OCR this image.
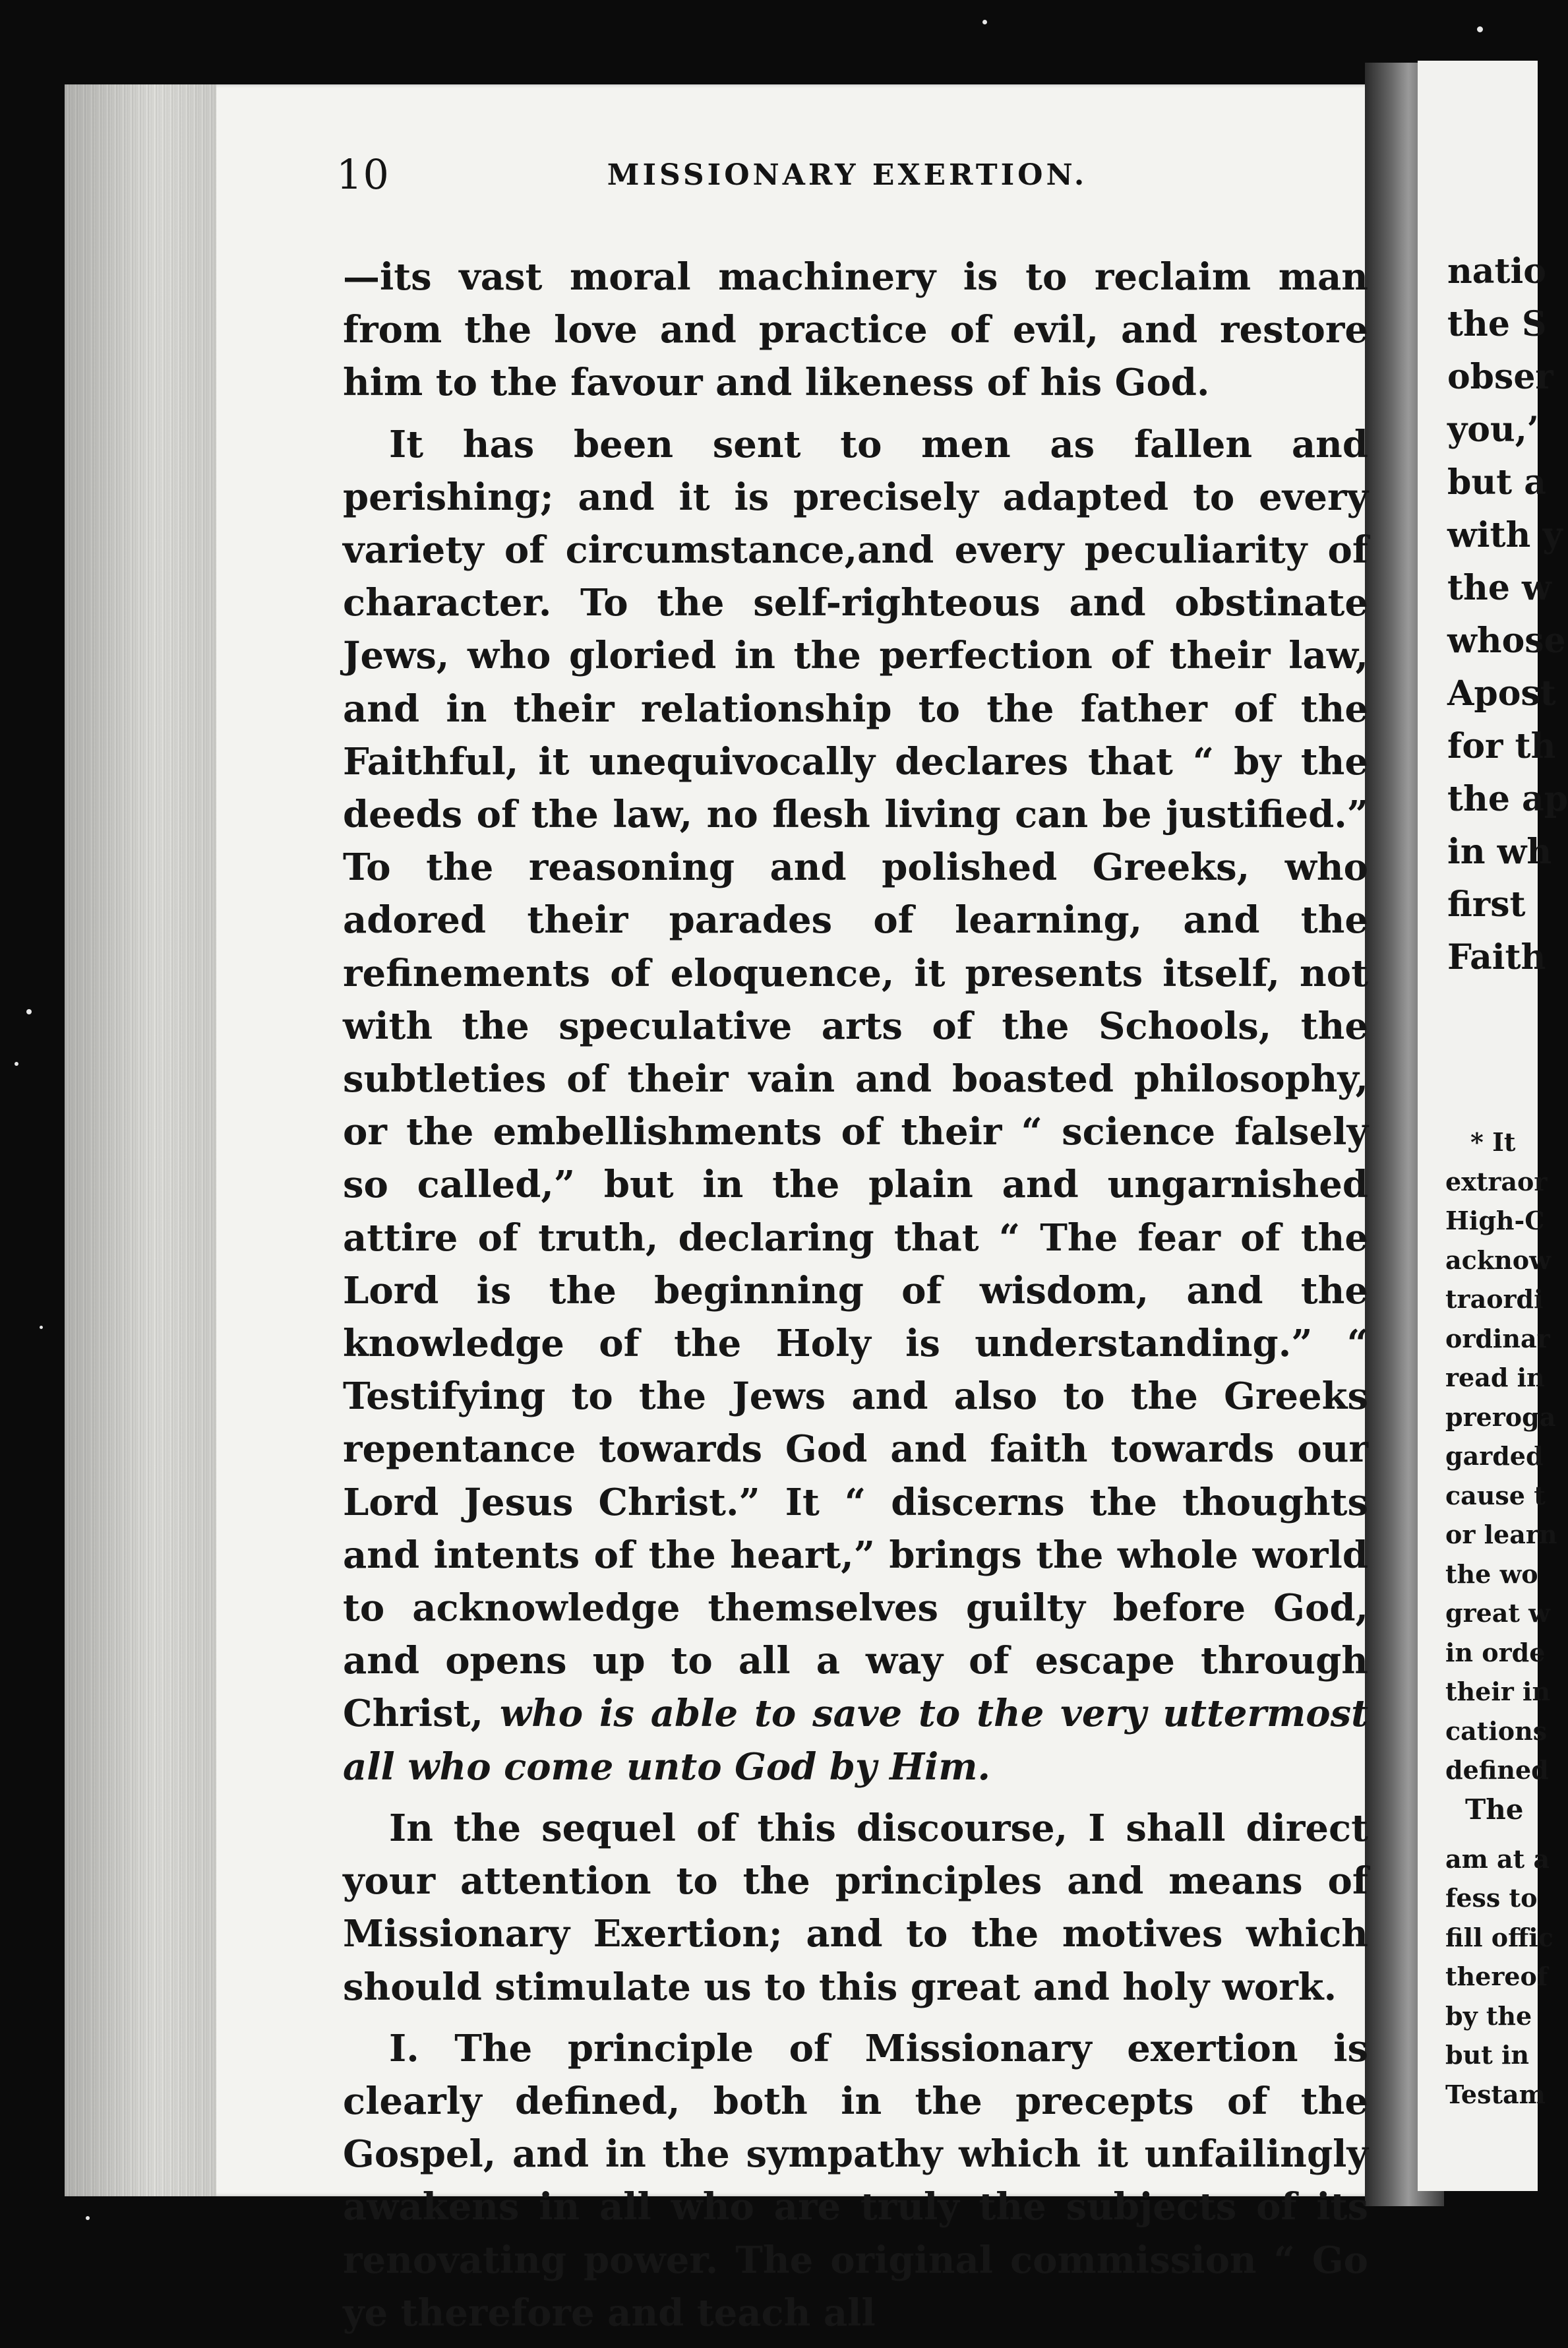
natio
the S
obser
you,’
but a
with y
the w
whose
Apost
for th
the ap
in wh
first
Faith
* It
extraor
High-C
acknow
traordi
ordinar
read in
preroga
garded
cause t
or learn
the wo
great w
in orde
their in
cations
defined
The
am at a
fess to
fill offic
thereof
by the
but in
Testam
10	MISSIONARY EXERTION.

—its vast moral machinery is to reclaim man from the love and practice of evil, and restore him to the favour and likeness of his God.

It has been sent to men as fallen and perishing; and it is precisely adapted to every variety of circumstance,and every peculiarity of character. To the self-righteous and obstinate Jews, who gloried in the perfection of their law, and in their relationship to the father of the Faithful, it unequivocally declares that “ by the deeds of the law, no flesh living can be justified.” To the reasoning and polished Greeks, who adored their parades of learning, and the refinements of eloquence, it presents itself, not with the speculative arts of the Schools, the subtleties of their vain and boasted philosophy, or the embellishments of their “ science falsely so called,” but in the plain and ungarnished attire of truth, declaring that “ The fear of the Lord is the beginning of wisdom, and the knowledge of the Holy is understanding.” “ Testifying to the Jews and also to the Greeks repentance towards God and faith towards our Lord Jesus Christ.” It “ discerns the thoughts and intents of the heart,” brings the whole world to acknowledge themselves guilty before God, and opens up to all a way of escape through Christ, who is able to save to the very uttermost all who come unto God by Him.

In the sequel of this discourse, I shall direct your attention to the principles and means of Missionary Exertion; and to the motives which should stimulate us to this great and holy work.

I. The principle of Missionary exertion is clearly defined, both in the precepts of the Gospel, and in the sympathy which it unfailingly awakens in all who are truly the subjects of its renovating power. The original commission “ Go ye therefore and teach all
